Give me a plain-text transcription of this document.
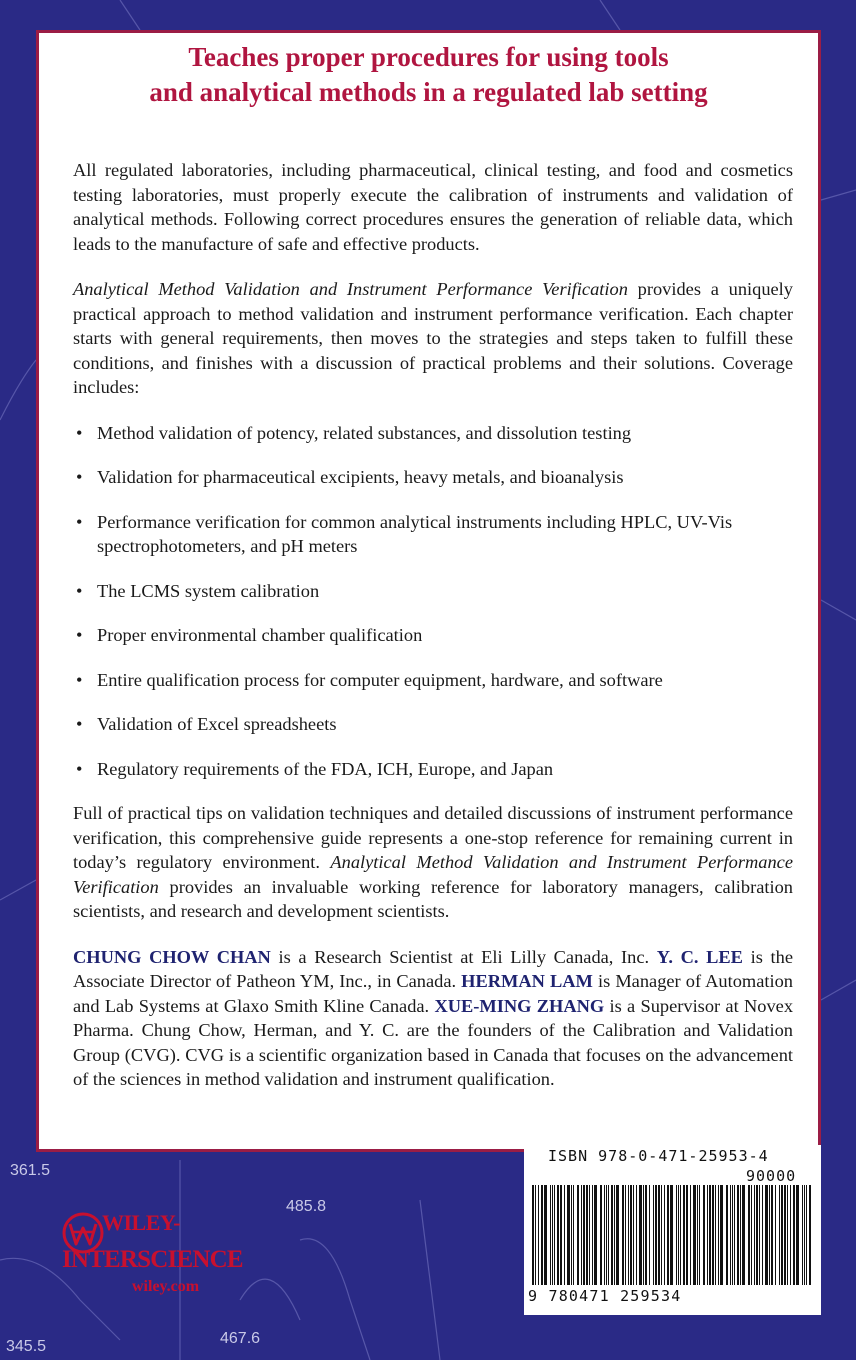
361.5
485.8
345.5	467.6
Teaches proper procedures for using tools
and analytical methods in a regulated lab setting

All regulated laboratories, including pharmaceutical, clinical testing, and food and cosmetics testing laboratories, must properly execute the calibration of instruments and validation of analytical methods. Following correct procedures ensures the generation of reliable data, which leads to the manufacture of safe and effective products.

Analytical Method Validation and Instrument Performance Verification provides a uniquely practical approach to method validation and instrument performance verification. Each chapter starts with general requirements, then moves to the strategies and steps taken to fulfill these conditions, and finishes with a discussion of practical problems and their solutions. Coverage includes:

• Method validation of potency, related substances, and dissolution testing
• Validation for pharmaceutical excipients, heavy metals, and bioanalysis
• Performance verification for common analytical instruments including HPLC, UV-Vis spectrophotometers, and pH meters
• The LCMS system calibration
• Proper environmental chamber qualification
• Entire qualification process for computer equipment, hardware, and software
• Validation of Excel spreadsheets
• Regulatory requirements of the FDA, ICH, Europe, and Japan

Full of practical tips on validation techniques and detailed discussions of instrument performance verification, this comprehensive guide represents a one-stop reference for remaining current in today’s regulatory environment. Analytical Method Validation and Instrument Performance Verification provides an invaluable working reference for laboratory managers, calibration scientists, and research and development scientists.

CHUNG CHOW CHAN is a Research Scientist at Eli Lilly Canada, Inc. Y. C. LEE is the Associate Director of Patheon YM, Inc., in Canada. HERMAN LAM is Manager of Automation and Lab Systems at Glaxo Smith Kline Canada. XUE-MING ZHANG is a Supervisor at Novex Pharma. Chung Chow, Herman, and Y. C. are the founders of the Calibration and Validation Group (CVG). CVG is a scientific organization based in Canada that focuses on the advancement of the sciences in method validation and instrument qualification.

WILEY-
INTERSCIENCE
wiley.com
ISBN 978-0-471-25953-4
90000
9 780471 259534
